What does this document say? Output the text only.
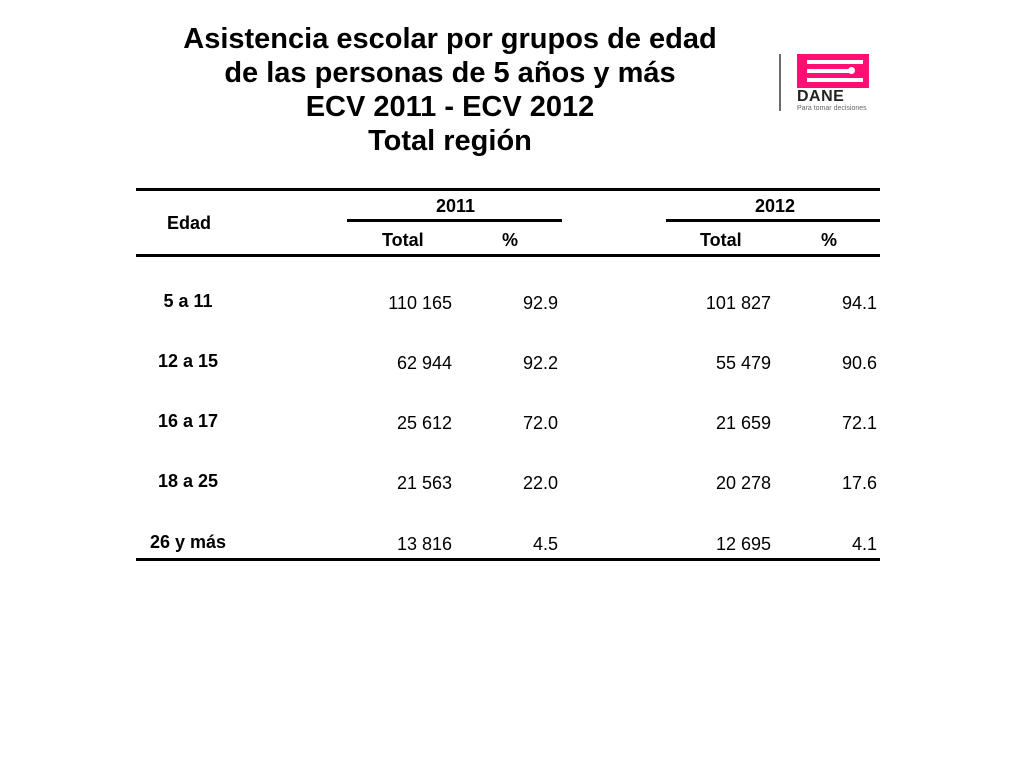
Asistencia escolar por grupos de edad
de las personas de 5 años y más
ECV 2011 - ECV 2012
Total región
DANE
Para tomar decisiones
Edad
2011	2012
Total	%	Total	%
5 a 11	110 165	92.9	101 827	94.1
12 a 15	62 944	92.2	55 479	90.6
16 a 17	25 612	72.0	21 659	72.1
18 a 25	21 563	22.0	20 278	17.6
26 y más	13 816	4.5	12 695	4.1
